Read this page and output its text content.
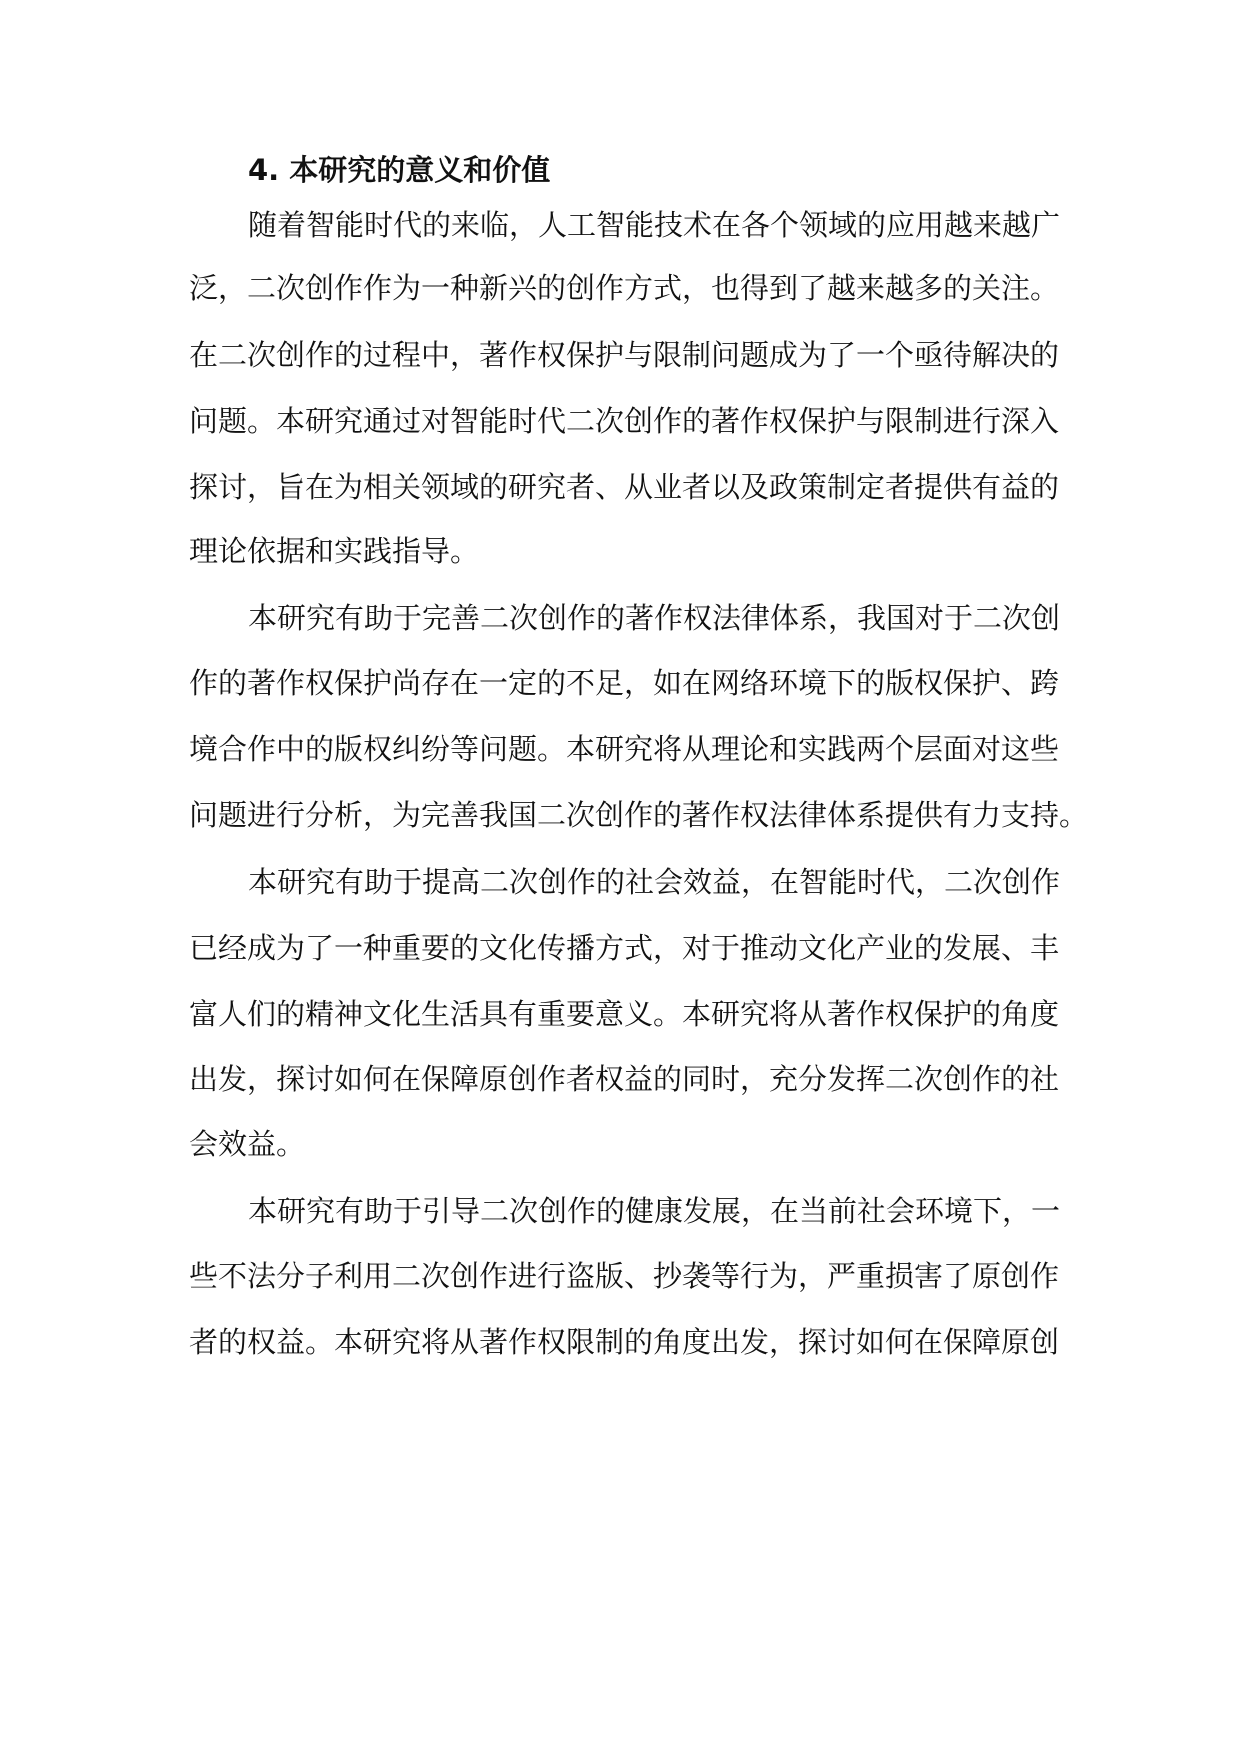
4. 本研究的意义和价值
随着智能时代的来临，人工智能技术在各个领域的应用越来越广
泛，二次创作作为一种新兴的创作方式，也得到了越来越多的关注。
在二次创作的过程中，著作权保护与限制问题成为了一个亟待解决的
问题。本研究通过对智能时代二次创作的著作权保护与限制进行深入
探讨，旨在为相关领域的研究者、从业者以及政策制定者提供有益的
理论依据和实践指导。
本研究有助于完善二次创作的著作权法律体系，我国对于二次创
作的著作权保护尚存在一定的不足，如在网络环境下的版权保护、跨
境合作中的版权纠纷等问题。本研究将从理论和实践两个层面对这些
问题进行分析，为完善我国二次创作的著作权法律体系提供有力支持。
本研究有助于提高二次创作的社会效益，在智能时代，二次创作
已经成为了一种重要的文化传播方式，对于推动文化产业的发展、丰
富人们的精神文化生活具有重要意义。本研究将从著作权保护的角度
出发，探讨如何在保障原创作者权益的同时，充分发挥二次创作的社
会效益。
本研究有助于引导二次创作的健康发展，在当前社会环境下，一
些不法分子利用二次创作进行盗版、抄袭等行为，严重损害了原创作
者的权益。本研究将从著作权限制的角度出发，探讨如何在保障原创
